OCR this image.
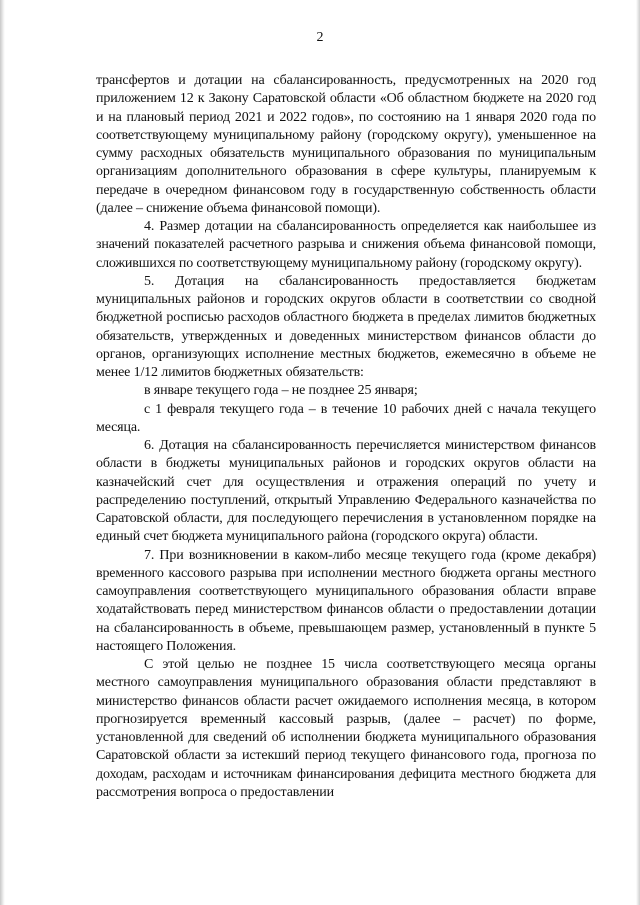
2

трансфертов и дотации на сбалансированность, предусмотренных на 2020 год приложением 12 к Закону Саратовской области «Об областном бюджете на 2020 год и на плановый период 2021 и 2022 годов», по состоянию на 1 января 2020 года по соответствующему муниципальному району (городскому округу), уменьшенное на сумму расходных обязательств муниципального образования по муниципальным организациям дополнительного образования в сфере культуры, планируемым к передаче в очередном финансовом году в государственную собственность области (далее – снижение объема финансовой помощи).

4. Размер дотации на сбалансированность определяется как наибольшее из значений показателей расчетного разрыва и снижения объема финансовой помощи, сложившихся по соответствующему муниципальному району (городскому округу).

5. Дотация на сбалансированность предоставляется бюджетам муниципальных районов и городских округов области в соответствии со сводной бюджетной росписью расходов областного бюджета в пределах лимитов бюджетных обязательств, утвержденных и доведенных министерством финансов области до органов, организующих исполнение местных бюджетов, ежемесячно в объеме не менее 1/12 лимитов бюджетных обязательств:

в январе текущего года – не позднее 25 января;

с 1 февраля текущего года – в течение 10 рабочих дней с начала текущего месяца.

6. Дотация на сбалансированность перечисляется министерством финансов области в бюджеты муниципальных районов и городских округов области на казначейский счет для осуществления и отражения операций по учету и распределению поступлений, открытый Управлению Федерального казначейства по Саратовской области, для последующего перечисления в установленном порядке на единый счет бюджета муниципального района (городского округа) области.

7. При возникновении в каком-либо месяце текущего года (кроме декабря) временного кассового разрыва при исполнении местного бюджета органы местного самоуправления соответствующего муниципального образования области вправе ходатайствовать перед министерством финансов области о предоставлении дотации на сбалансированность в объеме, превышающем размер, установленный в пункте 5 настоящего Положения.

С этой целью не позднее 15 числа соответствующего месяца органы местного самоуправления муниципального образования области представляют в министерство финансов области расчет ожидаемого исполнения месяца, в котором прогнозируется временный кассовый разрыв, (далее – расчет) по форме, установленной для сведений об исполнении бюджета муниципального образования Саратовской области за истекший период текущего финансового года, прогноза по доходам, расходам и источникам финансирования дефицита местного бюджета для рассмотрения вопроса о предоставлении
